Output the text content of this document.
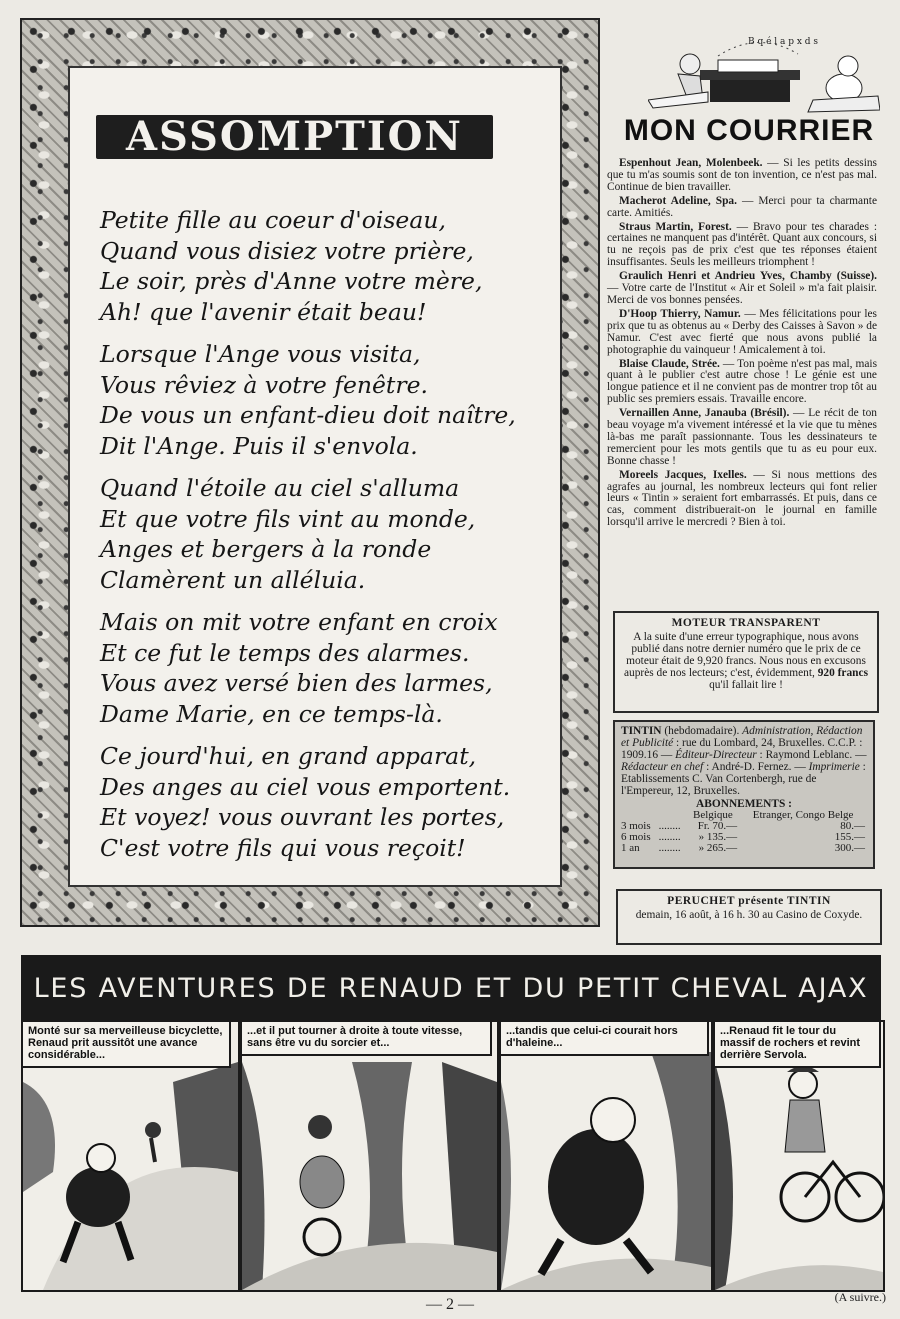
ASSOMPTION
Petite fille au coeur d'oiseau,
Quand vous disiez votre prière,
Le soir, près d'Anne votre mère,
Ah! que l'avenir était beau!
Lorsque l'Ange vous visita,
Vous rêviez à votre fenêtre.
De vous un enfant-dieu doit naître,
Dit l'Ange. Puis il s'envola.
Quand l'étoile au ciel s'alluma
Et que votre fils vint au monde,
Anges et bergers à la ronde
Clamèrent un alléluia.
Mais on mit votre enfant en croix
Et ce fut le temps des alarmes.
Vous avez versé bien des larmes,
Dame Marie, en ce temps-là.
Ce jourd'hui, en grand apparat,
Des anges au ciel vous emportent.
Et voyez! vous ouvrant les portes,
C'est votre fils qui vous reçoit!
B q é l a p x d s
MON COURRIER

Espenhout Jean, Molenbeek. — Si les petits dessins que tu m'as soumis sont de ton invention, ce n'est pas mal. Continue de bien travailler.

Macherot Adeline, Spa. — Merci pour ta charmante carte. Amitiés.

Straus Martin, Forest. — Bravo pour tes charades : certaines ne manquent pas d'intérêt. Quant aux concours, si tu ne reçois pas de prix c'est que tes réponses étaient insuffisantes. Seuls les meilleurs triomphent !

Graulich Henri et Andrieu Yves, Chamby (Suisse). — Votre carte de l'Institut « Air et Soleil » m'a fait plaisir. Merci de vos bonnes pensées.

D'Hoop Thierry, Namur. — Mes félicitations pour les prix que tu as obtenus au « Derby des Caisses à Savon » de Namur. C'est avec fierté que nous avons publié la photographie du vainqueur ! Amicalement à toi.

Blaise Claude, Strée. — Ton poème n'est pas mal, mais quant à le publier c'est autre chose ! Le génie est une longue patience et il ne convient pas de montrer trop tôt au public ses premiers essais. Travaille encore.

Vernaillen Anne, Janauba (Brésil). — Le récit de ton beau voyage m'a vivement intéressé et la vie que tu mènes là-bas me paraît passionnante. Tous les dessinateurs te remercient pour les mots gentils que tu as eu pour eux. Bonne chasse !

Moreels Jacques, Ixelles. — Si nous mettions des agrafes au journal, les nombreux lecteurs qui font relier leurs « Tintin » seraient fort embarrassés. Et puis, dans ce cas, comment distribuerait-on le journal en famille lorsqu'il arrive le mercredi ? Bien à toi.

MOTEUR TRANSPARENT

A la suite d'une erreur typographique, nous avons publié dans notre dernier numéro que le prix de ce moteur était de 9,920 francs. Nous nous en excusons auprès de nos lecteurs; c'est, évidemment, 920 francs qu'il fallait lire !

TINTIN (hebdomadaire). Administration, Rédaction et Publicité : rue du Lombard, 24, Bruxelles. C.C.P. : 1909.16 — Éditeur-Directeur : Raymond Leblanc. — Rédacteur en chef : André-D. Fernez. — Imprimerie : Etablissements C. Van Cortenbergh, rue de l'Empereur, 12, Bruxelles.

ABONNEMENTS :

		Belgique	Etranger, Congo Belge
3 mois	........	Fr. 70.—	80.—
6 mois	........	» 135.—	155.—
1 an	........	» 265.—	300.—
PERUCHET présente TINTIN

demain, 16 août, à 16 h. 30 au Casino de Coxyde.

LES AVENTURES DE RENAUD ET DU PETIT CHEVAL AJAX
Monté sur sa merveilleuse bicyclette, Renaud prit aussitôt une avance considérable...
...et il put tourner à droite à toute vitesse, sans être vu du sorcier et...
...tandis que celui-ci courait hors d'haleine...
...Renaud fit le tour du massif de rochers et revint derrière Servola.
— 2 —	(A suivre.)
